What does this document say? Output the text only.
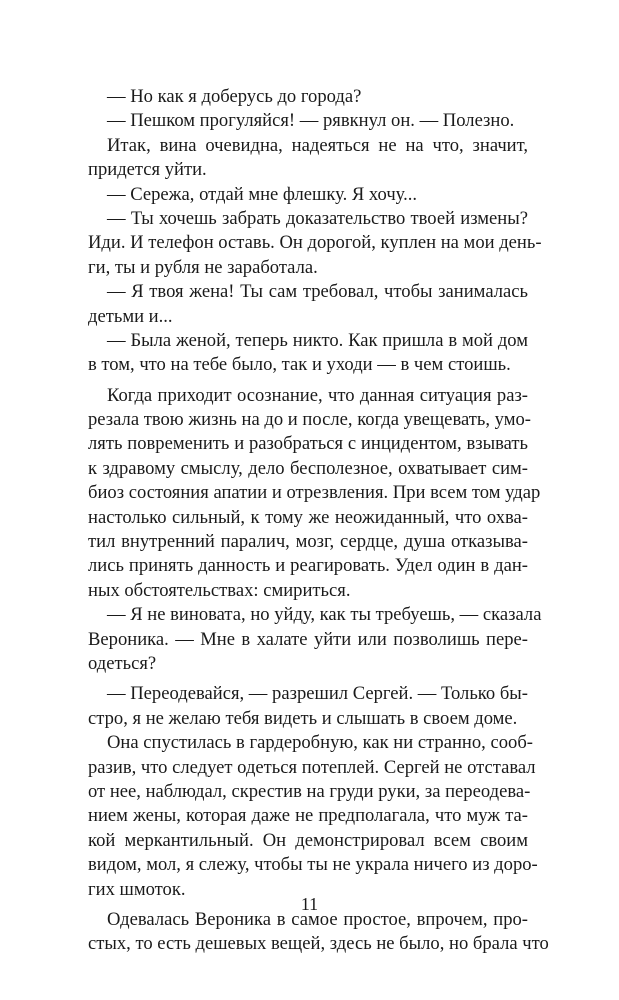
— Но как я доберусь до города?
— Пешком прогуляйся! — рявкнул он. — Полезно.
Итак, вина очевидна, надеяться не на что, значит,
придется уйти.
— Сережа, отдай мне флешку. Я хочу...
— Ты хочешь забрать доказательство твоей измены?
Иди. И телефон оставь. Он дорогой, куплен на мои день-
ги, ты и рубля не заработала.
— Я твоя жена! Ты сам требовал, чтобы занималась
детьми и...
— Была женой, теперь никто. Как пришла в мой дом
в том, что на тебе было, так и уходи — в чем стоишь.
Когда приходит осознание, что данная ситуация раз-
резала твою жизнь на до и после, когда увещевать, умо-
лять повременить и разобраться с инцидентом, взывать
к здравому смыслу, дело бесполезное, охватывает сим-
биоз состояния апатии и отрезвления. При всем том удар
настолько сильный, к тому же неожиданный, что охва-
тил внутренний паралич, мозг, сердце, душа отказыва-
лись принять данность и реагировать. Удел один в дан-
ных обстоятельствах: смириться.
— Я не виновата, но уйду, как ты требуешь, — сказала
Вероника. — Мне в халате уйти или позволишь пере-
одеться?
— Переодевайся, — разрешил Сергей. — Только бы-
стро, я не желаю тебя видеть и слышать в своем доме.
Она спустилась в гардеробную, как ни странно, сооб-
разив, что следует одеться потеплей. Сергей не отставал
от нее, наблюдал, скрестив на груди руки, за переодева-
нием жены, которая даже не предполагала, что муж та-
кой меркантильный. Он демонстрировал всем своим
видом, мол, я слежу, чтобы ты не украла ничего из доро-
гих шмоток.
Одевалась Вероника в самое простое, впрочем, про-
стых, то есть дешевых вещей, здесь не было, но брала что
11
